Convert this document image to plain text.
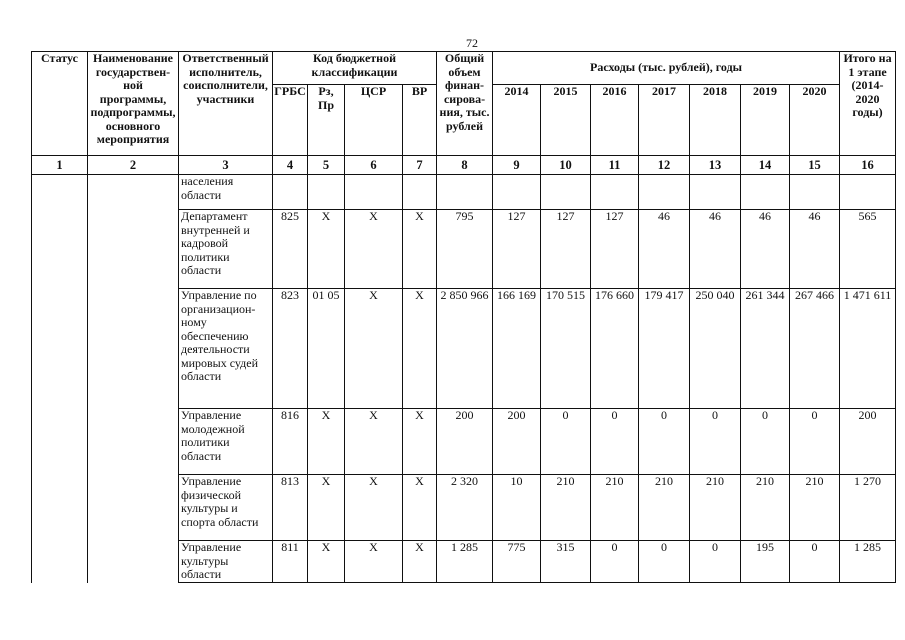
72
Статус	Наименование государствен-ной программы, подпрограммы, основного мероприятия	Ответственный исполнитель, соисполнители, участники	Код бюджетной классификации				Общий объем финан-сирова-ния, тыс. рублей	Расходы (тыс. рублей), годы							Итого на 1 этапе (2014-2020 годы)
			ГРБС	Рз, Пр	ЦСР	ВР		2014	2015	2016	2017	2018	2019	2020	
1	2	3	4	5	6	7	8	9	10	11	12	13	14	15	16
		населения области													
		Департамент внутренней и кадровой политики области	825	Х	Х	Х	795	127	127	127	46	46	46	46	565
		Управление по организацион-ному обеспечению деятельности мировых судей области	823	01 05	Х	Х	2 850 966	166 169	170 515	176 660	179 417	250 040	261 344	267 466	1 471 611
		Управление молодежной политики области	816	Х	Х	Х	200	200	0	0	0	0	0	0	200
		Управление физической культуры и спорта области	813	Х	Х	Х	2 320	10	210	210	210	210	210	210	1 270
		Управление культуры области	811	Х	Х	Х	1 285	775	315	0	0	0	195	0	1 285
